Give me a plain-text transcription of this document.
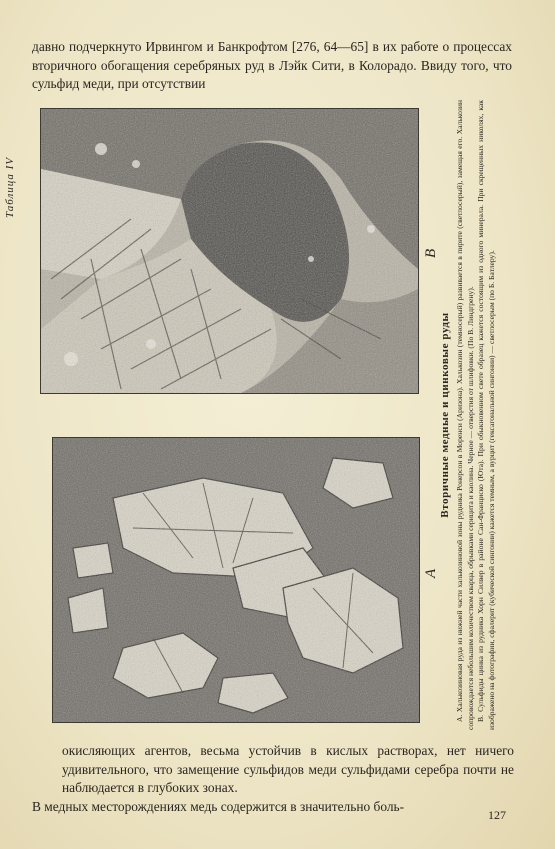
давно подчеркнуто Ирвингом и Банкрофтом [276, 64—65] в их работе о процессах вторичного обогащения серебряных руд в Лэйк Сити, в Колорадо. Ввиду того, что сульфид меди, при отсутствии

Таблица IV
В
А
Вторичные медные и цинковые руды А. Халькозиновая руда из нижней части халькозиновой зоны рудника Ронерсон в Моренси (Аризона). Халькозин (темносерый) развивается в пирите (светлосерый), замещая его. Халькозин сопровождается небольшим количеством кварца, обрывками серицита и каолина. Черное — отверстия от шлифовки. (По В. Линдгрену). В. Сульфиды цинка из рудника Хорн Силвер в районе Сан-Франциско (Юта). При обыкновенном свете образец кажется состоящим из одного минерала. При скрещенных николях, как изображено на фотографии, сфалерит (кубической сингонии) кажется темным, а вурцит (гексагональной сингонии) — светлосерым (по Б. Батлеру).

окисляющих агентов, весьма устойчив в кислых растворах, нет ничего удивительного, что замещение сульфидов меди сульфидами серебра почти не наблюдается в глубоких зонах.

В медных месторождениях медь содержится в значительно боль-

127
